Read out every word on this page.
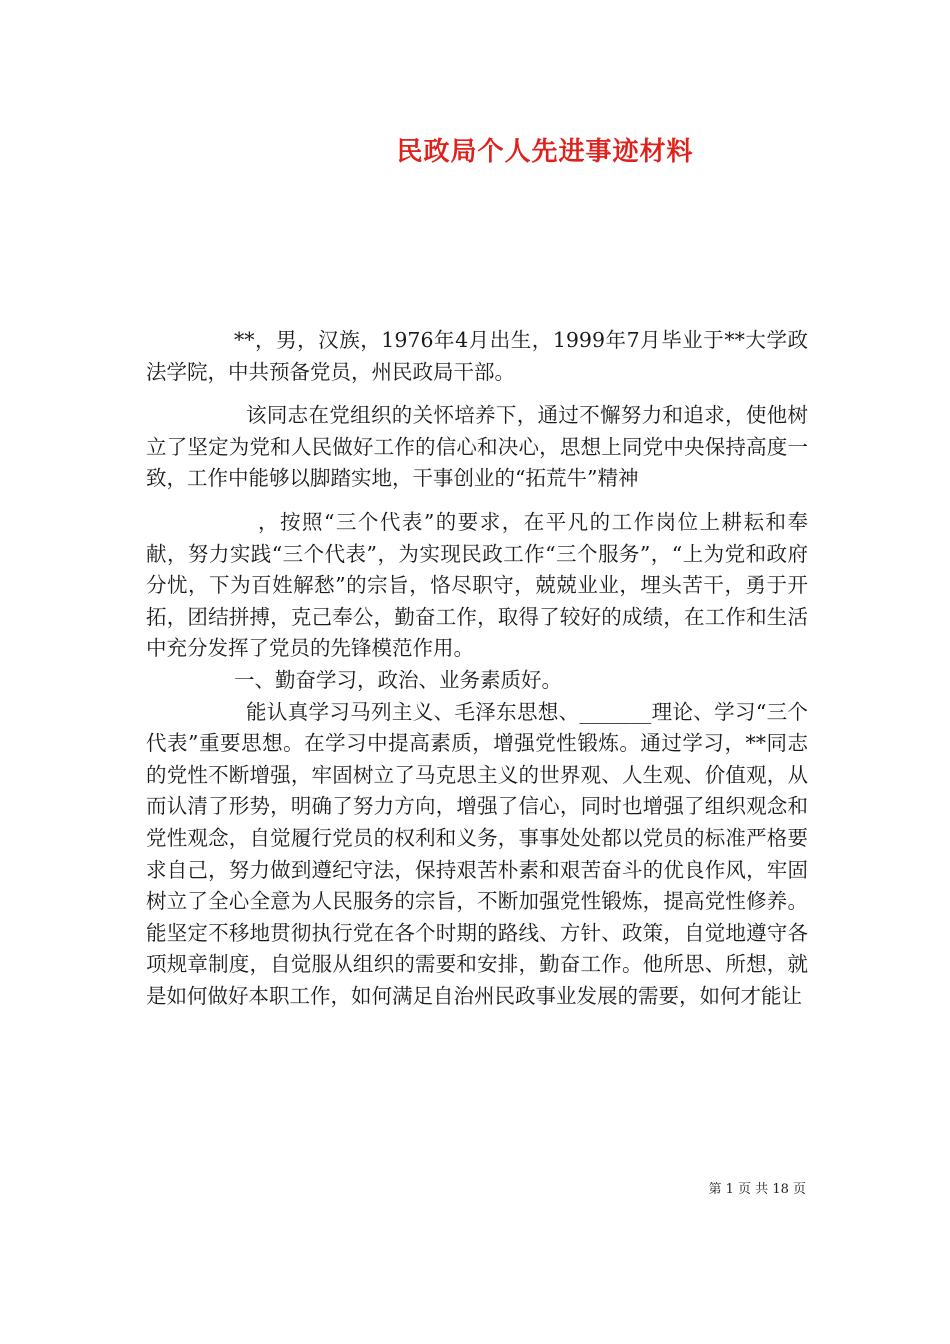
民政局个人先进事迹材料

**，男，汉族，1976年4月出生，1999年7月毕业于**大学政法学院，中共预备党员，州民政局干部。

该同志在党组织的关怀培养下，通过不懈努力和追求，使他树立了坚定为党和人民做好工作的信心和决心，思想上同党中央保持高度一致，工作中能够以脚踏实地，干事创业的“拓荒牛”精神

，按照“三个代表”的要求，在平凡的工作岗位上耕耘和奉献，努力实践“三个代表”，为实现民政工作“三个服务”，“上为党和政府分忧，下为百姓解愁”的宗旨，恪尽职守，兢兢业业，埋头苦干，勇于开拓，团结拼搏，克己奉公，勤奋工作，取得了较好的成绩，在工作和生活中充分发挥了党员的先锋模范作用。

一、勤奋学习，政治、业务素质好。

能认真学习马列主义、毛泽东思想、_______理论、学习“三个代表”重要思想。在学习中提高素质，增强党性锻炼。通过学习，**同志的党性不断增强，牢固树立了马克思主义的世界观、人生观、价值观，从而认清了形势，明确了努力方向，增强了信心，同时也增强了组织观念和党性观念，自觉履行党员的权利和义务，事事处处都以党员的标准严格要求自己，努力做到遵纪守法，保持艰苦朴素和艰苦奋斗的优良作风，牢固树立了全心全意为人民服务的宗旨，不断加强党性锻炼，提高党性修养。能坚定不移地贯彻执行党在各个时期的路线、方针、政策，自觉地遵守各项规章制度，自觉服从组织的需要和安排，勤奋工作。他所思、所想，就是如何做好本职工作，如何满足自治州民政事业发展的需要，如何才能让

第 1 页 共 18 页
